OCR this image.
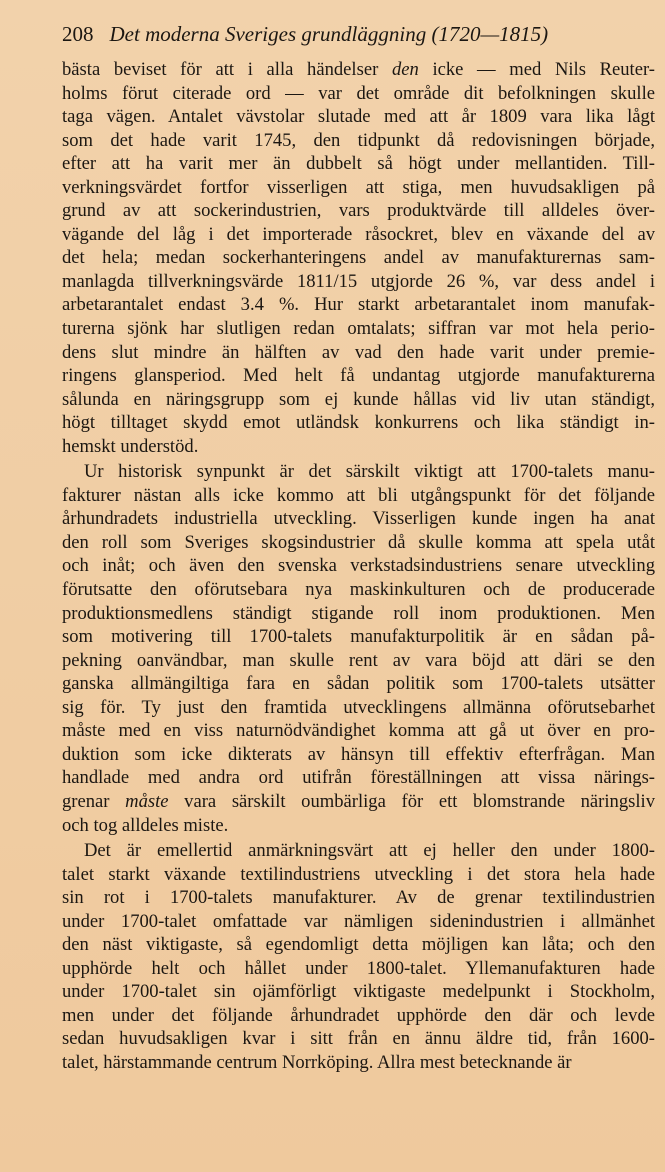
208 Det moderna Sveriges grundläggning (1720—1815)
bästa beviset för att i alla händelser den icke — med Nils Reuter-
holms förut citerade ord — var det område dit befolkningen skulle
taga vägen. Antalet vävstolar slutade med att år 1809 vara lika lågt
som det hade varit 1745, den tidpunkt då redovisningen började,
efter att ha varit mer än dubbelt så högt under mellantiden. Till-
verkningsvärdet fortfor visserligen att stiga, men huvudsakligen på
grund av att sockerindustrien, vars produktvärde till alldeles över-
vägande del låg i det importerade råsockret, blev en växande del av
det hela; medan sockerhanteringens andel av manufakturernas sam-
manlagda tillverkningsvärde 1811/15 utgjorde 26 %, var dess andel i
arbetarantalet endast 3.4 %. Hur starkt arbetarantalet inom manufak-
turerna sjönk har slutligen redan omtalats; siffran var mot hela perio-
dens slut mindre än hälften av vad den hade varit under premie-
ringens glansperiod. Med helt få undantag utgjorde manufakturerna
sålunda en näringsgrupp som ej kunde hållas vid liv utan ständigt,
högt tilltaget skydd emot utländsk konkurrens och lika ständigt in-
hemskt understöd.
Ur historisk synpunkt är det särskilt viktigt att 1700-talets manu-
fakturer nästan alls icke kommo att bli utgångspunkt för det följande
århundradets industriella utveckling. Visserligen kunde ingen ha anat
den roll som Sveriges skogsindustrier då skulle komma att spela utåt
och inåt; och även den svenska verkstadsindustriens senare utveckling
förutsatte den oförutsebara nya maskinkulturen och de producerade
produktionsmedlens ständigt stigande roll inom produktionen. Men
som motivering till 1700-talets manufakturpolitik är en sådan på-
pekning oanvändbar, man skulle rent av vara böjd att däri se den
ganska allmängiltiga fara en sådan politik som 1700-talets utsätter
sig för. Ty just den framtida utvecklingens allmänna oförutsebarhet
måste med en viss naturnödvändighet komma att gå ut över en pro-
duktion som icke dikterats av hänsyn till effektiv efterfrågan. Man
handlade med andra ord utifrån föreställningen att vissa närings-
grenar måste vara särskilt oumbärliga för ett blomstrande näringsliv
och tog alldeles miste.
Det är emellertid anmärkningsvärt att ej heller den under 1800-
talet starkt växande textilindustriens utveckling i det stora hela hade
sin rot i 1700-talets manufakturer. Av de grenar textilindustrien
under 1700-talet omfattade var nämligen sidenindustrien i allmänhet
den näst viktigaste, så egendomligt detta möjligen kan låta; och den
upphörde helt och hållet under 1800-talet. Yllemanufakturen hade
under 1700-talet sin ojämförligt viktigaste medelpunkt i Stockholm,
men under det följande århundradet upphörde den där och levde
sedan huvudsakligen kvar i sitt från en ännu äldre tid, från 1600-
talet, härstammande centrum Norrköping. Allra mest betecknande är
